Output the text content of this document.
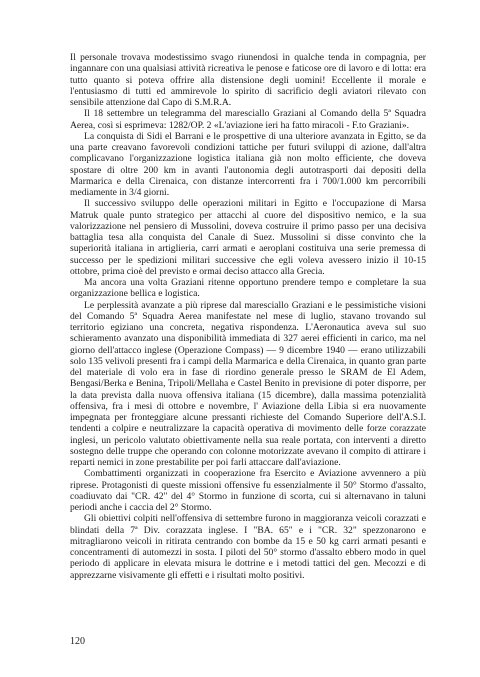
Il personale trovava modestissimo svago riunendosi in qualche tenda in compagnia, per ingannare con una qualsiasi attività ricreativa le penose e faticose ore di lavoro e di lotta: era tutto quanto si poteva offrire alla distensione degli uomini! Eccellente il morale e l'entusiasmo di tutti ed ammirevole lo spirito di sacrificio degli aviatori rilevato con sensibile attenzione dal Capo di S.M.R.A.

Il 18 settembre un telegramma del maresciallo Graziani al Comando della 5ª Squadra Aerea, così si esprimeva: 1282/OP. 2 «L'aviazione ieri ha fatto miracoli - F.to Graziani».

La conquista di Sidi el Barrani e le prospettive di una ulteriore avanzata in Egitto, se da una parte creavano favorevoli condizioni tattiche per futuri sviluppi di azione, dall'altra complicavano l'organizzazione logistica italiana già non molto efficiente, che doveva spostare di oltre 200 km in avanti l'autonomia degli autotrasporti dai depositi della Marmarica e della Cirenaica, con distanze intercorrenti fra i 700/1.000 km percorribili mediamente in 3/4 giorni.

Il successivo sviluppo delle operazioni militari in Egitto e l'occupazione di Marsa Matruk quale punto strategico per attacchi al cuore del dispositivo nemico, e la sua valorizzazione nel pensiero di Mussolini, doveva costruire il primo passo per una decisiva battaglia tesa alla conquista del Canale di Suez. Mussolini si disse convinto che la superiorità italiana in artiglieria, carri armati e aeroplani costituiva una serie premessa di successo per le spedizioni militari successive che egli voleva avessero inizio il 10-15 ottobre, prima cioè del previsto e ormai deciso attacco alla Grecia.

Ma ancora una volta Graziani ritenne opportuno prendere tempo e completare la sua organizzazione bellica e logistica.

Le perplessità avanzate a più riprese dal maresciallo Graziani e le pessimistiche visioni del Comando 5ª Squadra Aerea manifestate nel mese di luglio, stavano trovando sul territorio egiziano una concreta, negativa rispondenza. L'Aeronautica aveva sul suo schieramento avanzato una disponibilità immediata di 327 aerei efficienti in carico, ma nel giorno dell'attacco inglese (Operazione Compass) — 9 dicembre 1940 — erano utilizzabili solo 135 velivoli presenti fra i campi della Marmarica e della Cirenaica, in quanto gran parte del materiale di volo era in fase di riordino generale presso le SRAM de El Adem, Bengasi/Berka e Benina, Tripoli/Mellaha e Castel Benito in previsione di poter disporre, per la data prevista dalla nuova offensiva italiana (15 dicembre), dalla massima potenzialità offensiva, fra i mesi di ottobre e novembre, l' Aviazione della Libia si era nuovamente impegnata per fronteggiare alcune pressanti richieste del Comando Superiore dell'A.S.I. tendenti a colpire e neutralizzare la capacità operativa di movimento delle forze corazzate inglesi, un pericolo valutato obiettivamente nella sua reale portata, con interventi a diretto sostegno delle truppe che operando con colonne motorizzate avevano il compito di attirare i reparti nemici in zone prestabilite per poi farli attaccare dall'aviazione.

Combattimenti organizzati in cooperazione fra Esercito e Aviazione avvennero a più riprese. Protagonisti di queste missioni offensive fu essenzialmente il 50° Stormo d'assalto, coadiuvato dai "CR. 42" del 4° Stormo in funzione di scorta, cui si alternavano in taluni periodi anche i caccia del 2° Stormo.

Gli obiettivi colpiti nell'offensiva di settembre furono in maggioranza veicoli corazzati e blindati della 7ª Div. corazzata inglese. I "BA. 65" e i "CR. 32" spezzonarono e mitragliarono veicoli in ritirata centrando con bombe da 15 e 50 kg carri armati pesanti e concentramenti di automezzi in sosta. I piloti del 50° stormo d'assalto ebbero modo in quel periodo di applicare in elevata misura le dottrine e i metodi tattici del gen. Mecozzi e di apprezzarne visivamente gli effetti e i risultati molto positivi.

120
